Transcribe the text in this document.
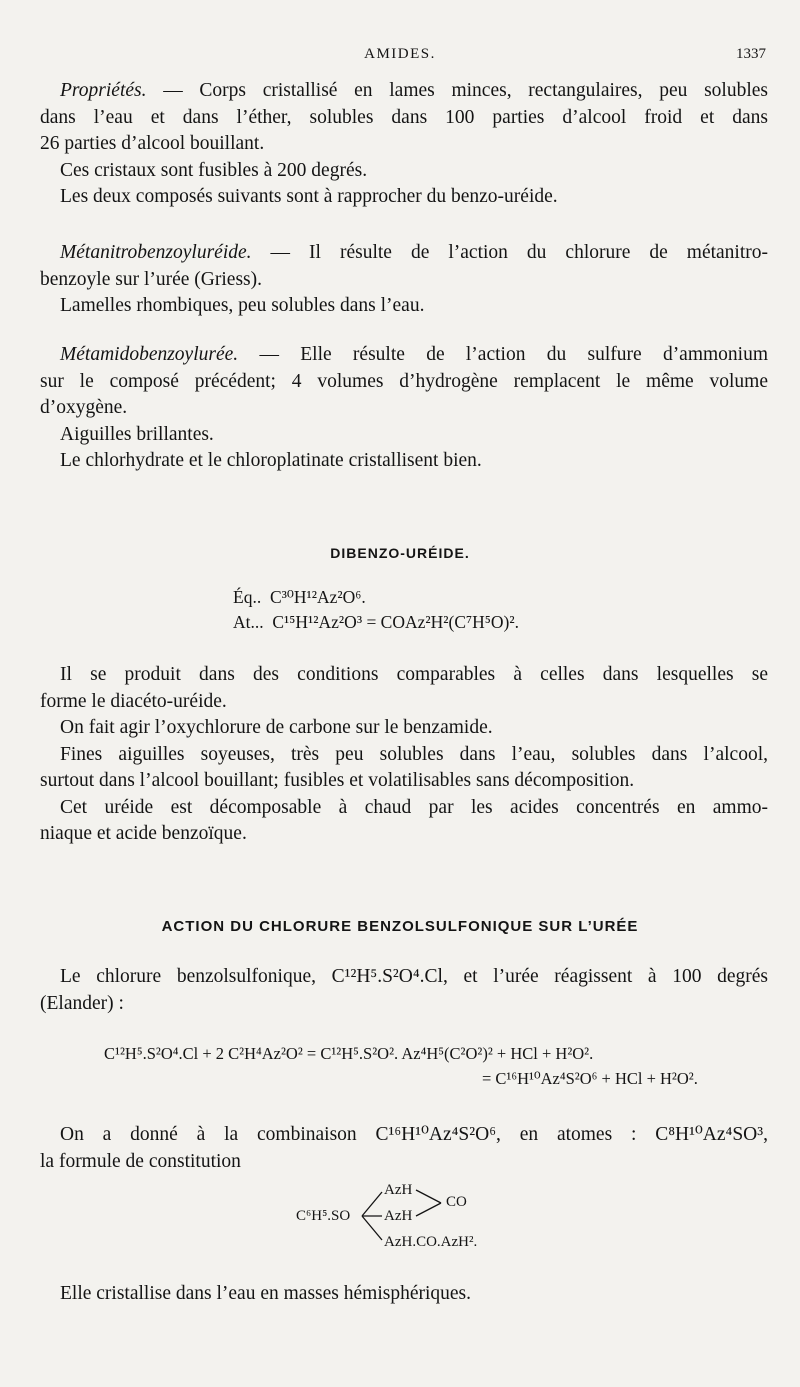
AMIDES.	1337
Propriétés. — Corps cristallisé en lames minces, rectangulaires, peu solubles
dans l’eau et dans l’éther, solubles dans 100 parties d’alcool froid et dans
26 parties d’alcool bouillant.
Ces cristaux sont fusibles à 200 degrés.
Les deux composés suivants sont à rapprocher du benzo-uréide.
Métanitrobenzoyluréide. — Il résulte de l’action du chlorure de métanitro-
benzoyle sur l’urée (Griess).
Lamelles rhombiques, peu solubles dans l’eau.
Métamidobenzoylurée. — Elle résulte de l’action du sulfure d’ammonium
sur le composé précédent; 4 volumes d’hydrogène remplacent le même volume
d’oxygène.
Aiguilles brillantes.
Le chlorhydrate et le chloroplatinate cristallisent bien.
DIBENZO-URÉIDE.
Éq.. C³⁰H¹²Az²O⁶.
At... C¹⁵H¹²Az²O³ = COAz²H²(C⁷H⁵O)².
Il se produit dans des conditions comparables à celles dans lesquelles se
forme le diacéto-uréide.
On fait agir l’oxychlorure de carbone sur le benzamide.
Fines aiguilles soyeuses, très peu solubles dans l’eau, solubles dans l’alcool,
surtout dans l’alcool bouillant; fusibles et volatilisables sans décomposition.
Cet uréide est décomposable à chaud par les acides concentrés en ammo-
niaque et acide benzoïque.
ACTION DU CHLORURE BENZOLSULFONIQUE SUR L’URÉE
Le chlorure benzolsulfonique, C¹²H⁵.S²O⁴.Cl, et l’urée réagissent à 100 degrés
(Elander) :
C¹²H⁵.S²O⁴.Cl + 2 C²H⁴Az²O² = C¹²H⁵.S²O². Az⁴H⁵(C²O²)² + HCl + H²O².
= C¹⁶H¹⁰Az⁴S²O⁶ + HCl + H²O².
On a donné à la combinaison C¹⁶H¹⁰Az⁴S²O⁶, en atomes : C⁸H¹⁰Az⁴SO³,
la formule de constitution
C⁶H⁵.SO
AzH
AzH
CO
AzH.CO.AzH².
Elle cristallise dans l’eau en masses hémisphériques.
